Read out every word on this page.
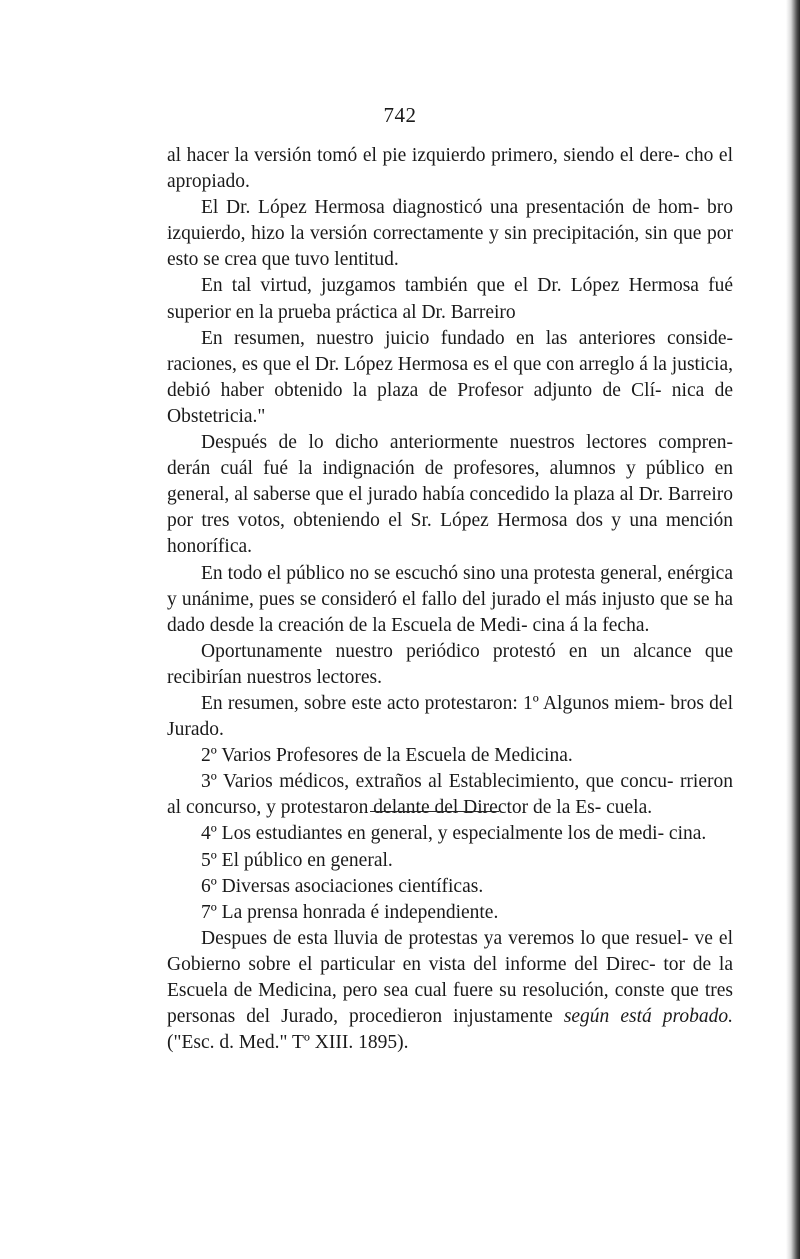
742

al hacer la versión tomó el pie izquierdo primero, siendo el dere- cho el apropiado.

El Dr. López Hermosa diagnosticó una presentación de hom- bro izquierdo, hizo la versión correctamente y sin precipitación, sin que por esto se crea que tuvo lentitud.

En tal virtud, juzgamos también que el Dr. López Hermosa fué superior en la prueba práctica al Dr. Barreiro

En resumen, nuestro juicio fundado en las anteriores conside- raciones, es que el Dr. López Hermosa es el que con arreglo á la justicia, debió haber obtenido la plaza de Profesor adjunto de Clí- nica de Obstetricia."

Después de lo dicho anteriormente nuestros lectores compren- derán cuál fué la indignación de profesores, alumnos y público en general, al saberse que el jurado había concedido la plaza al Dr. Barreiro por tres votos, obteniendo el Sr. López Hermosa dos y una mención honorífica.

En todo el público no se escuchó sino una protesta general, enérgica y unánime, pues se consideró el fallo del jurado el más injusto que se ha dado desde la creación de la Escuela de Medi- cina á la fecha.

Oportunamente nuestro periódico protestó en un alcance que recibirían nuestros lectores.

En resumen, sobre este acto protestaron: 1º Algunos miem- bros del Jurado.

2º Varios Profesores de la Escuela de Medicina.

3º Varios médicos, extraños al Establecimiento, que concu- rrieron al concurso, y protestaron delante del Director de la Es- cuela.

4º Los estudiantes en general, y especialmente los de medi- cina.

5º El público en general.

6º Diversas asociaciones científicas.

7º La prensa honrada é independiente.

Despues de esta lluvia de protestas ya veremos lo que resuel- ve el Gobierno sobre el particular en vista del informe del Direc- tor de la Escuela de Medicina, pero sea cual fuere su resolución, conste que tres personas del Jurado, procedieron injustamente según está probado. ("Esc. d. Med." Tº XIII. 1895).
